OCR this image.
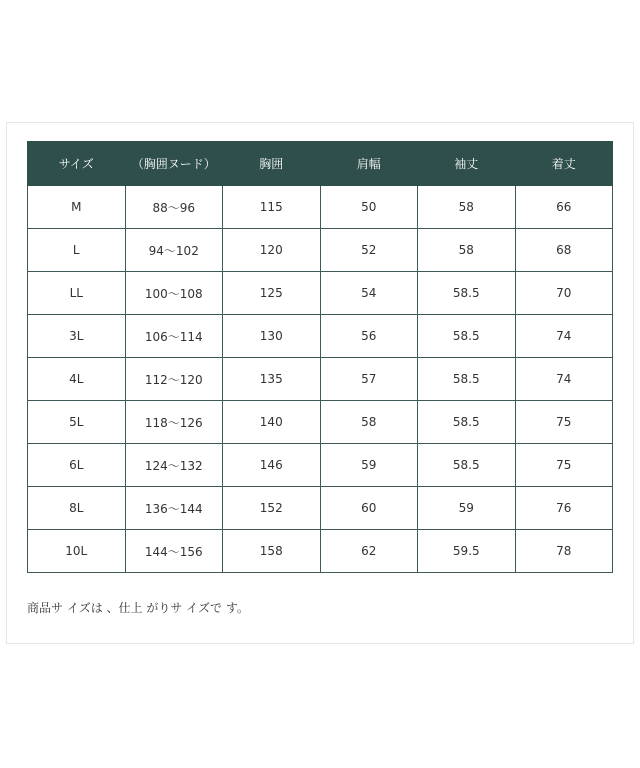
サイズ	（胸囲ヌード）	胸囲	肩幅	袖丈	着丈
M	88～96	115	50	58	66
L	94～102	120	52	58	68
LL	100～108	125	54	58.5	70
3L	106～114	130	56	58.5	74
4L	112～120	135	57	58.5	74
5L	118～126	140	58	58.5	75
6L	124～132	146	59	58.5	75
8L	136～144	152	60	59	76
10L	144～156	158	62	59.5	78
商品サ イズは 、仕上 がりサ イズで す。
